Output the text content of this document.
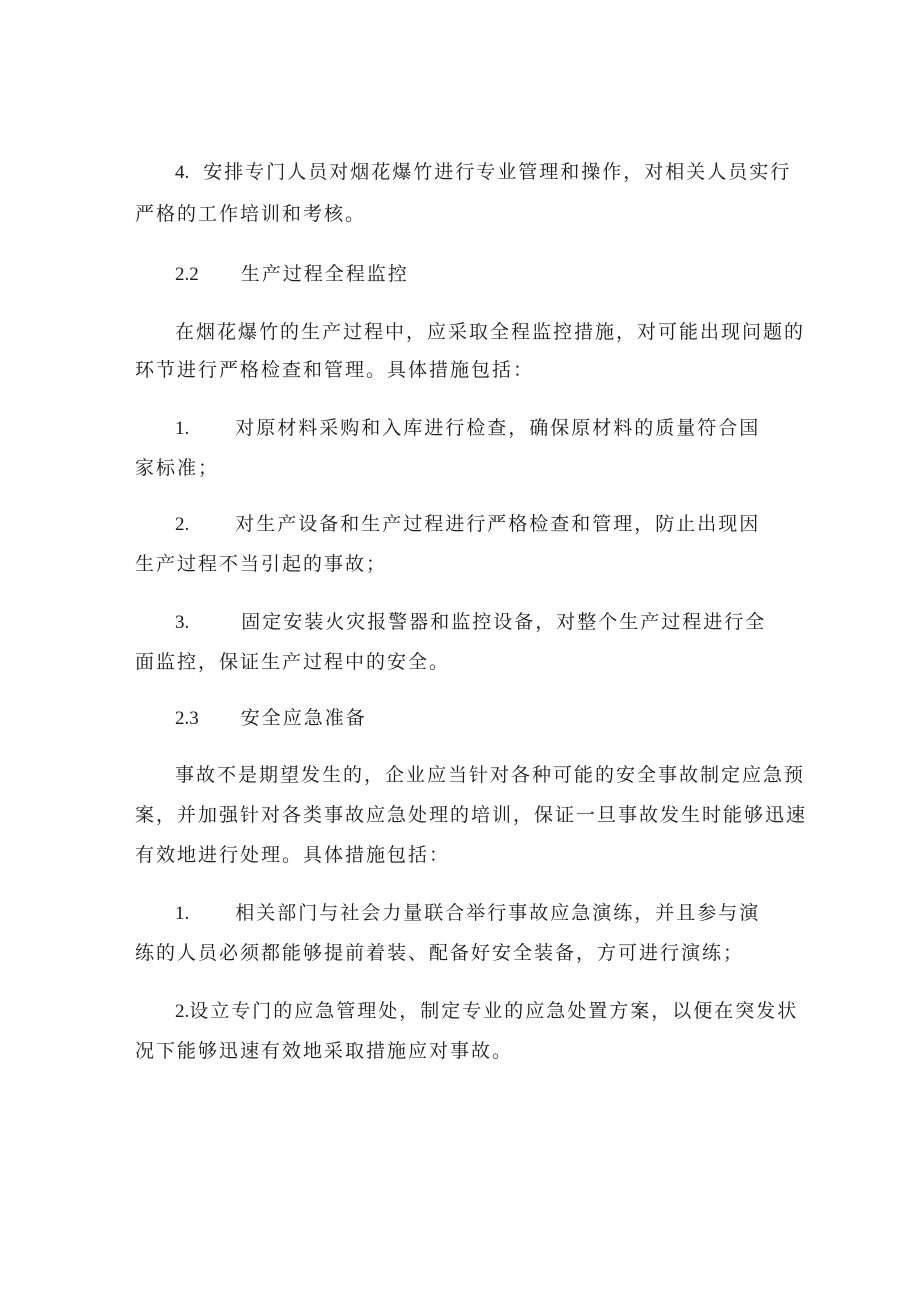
4. 安排专门人员对烟花爆竹进行专业管理和操作，对相关人员实行
严格的工作培训和考核。
2.2 生产过程全程监控
在烟花爆竹的生产过程中，应采取全程监控措施，对可能出现问题的
环节进行严格检查和管理。具体措施包括：
1. 对原材料采购和入库进行检查，确保原材料的质量符合国
家标准；
2. 对生产设备和生产过程进行严格检查和管理，防止出现因
生产过程不当引起的事故；
3.	固定安装火灾报警器和监控设备，对整个生产过程进行全
面监控，保证生产过程中的安全。
2.3 安全应急准备
事故不是期望发生的，企业应当针对各种可能的安全事故制定应急预
案，并加强针对各类事故应急处理的培训，保证一旦事故发生时能够迅速
有效地进行处理。具体措施包括：
1. 相关部门与社会力量联合举行事故应急演练，并且参与演
练的人员必须都能够提前着装、配备好安全装备，方可进行演练；
2.设立专门的应急管理处，制定专业的应急处置方案，以便在突发状
况下能够迅速有效地采取措施应对事故。
